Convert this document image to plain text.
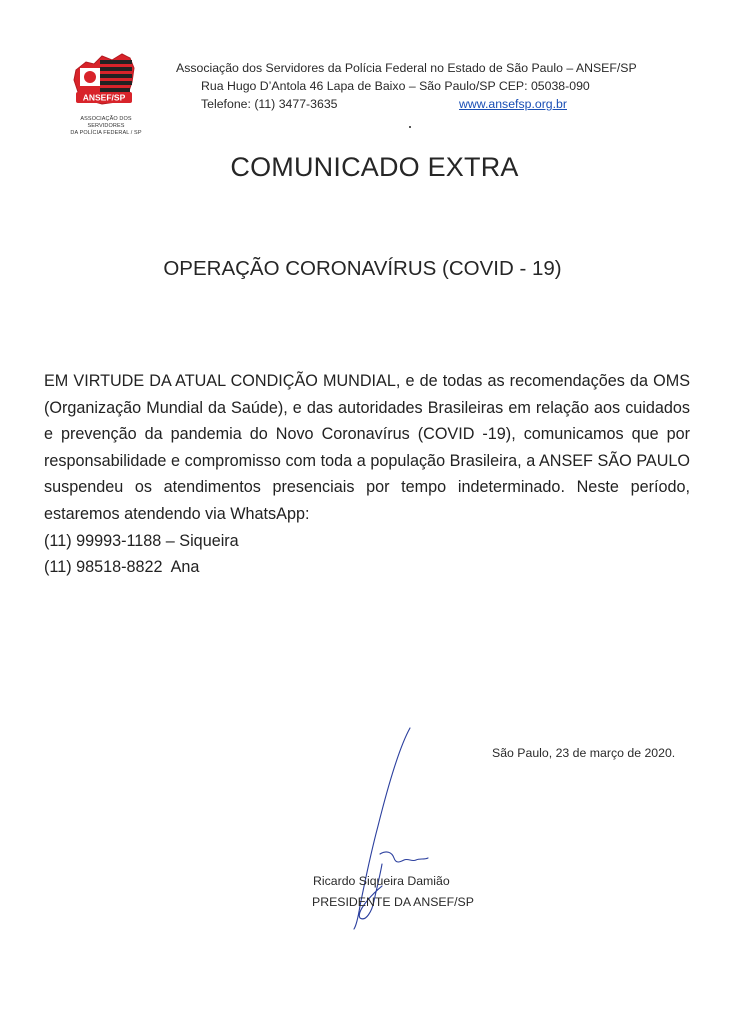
ANSEF/SP
ASSOCIAÇÃO DOS SERVIDORES
DA POLÍCIA FEDERAL / SP
Associação dos Servidores da Polícia Federal no Estado de São Paulo – ANSEF/SP
Rua Hugo D’Antola 46 Lapa de Baixo – São Paulo/SP CEP: 05038-090
Telefone: (11) 3477-3635	www.ansefsp.org.br
COMUNICADO EXTRA
OPERAÇÃO CORONAVÍRUS (COVID - 19)
EM VIRTUDE DA ATUAL CONDIÇÃO MUNDIAL, e de todas as recomendações da OMS (Organização Mundial da Saúde), e das autoridades Brasileiras em relação aos cuidados e prevenção da pandemia do Novo Coronavírus (COVID -19), comunicamos que por responsabilidade e compromisso com toda a população Brasileira, a ANSEF SÃO PAULO suspendeu os atendimentos presenciais por tempo indeterminado. Neste período, estaremos atendendo via WhatsApp:
(11) 99993-1188 – Siqueira
(11) 98518-8822  Ana
São Paulo, 23 de março de 2020.
Ricardo Siqueira Damião
PRESIDENTE DA ANSEF/SP
